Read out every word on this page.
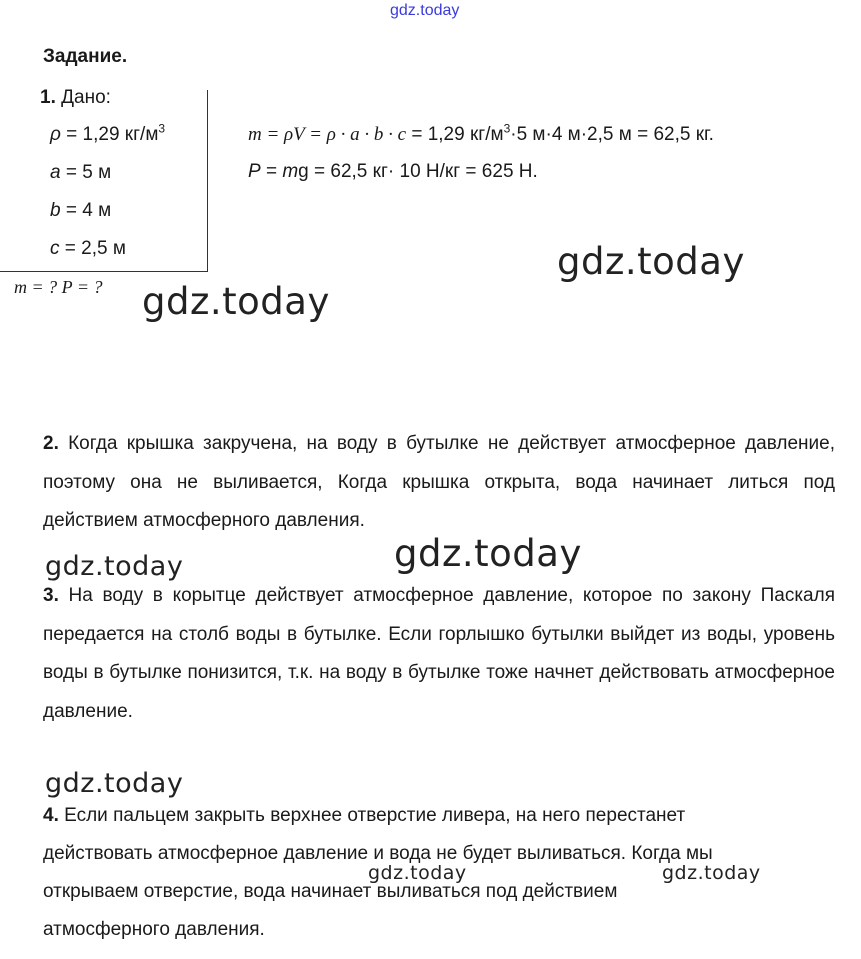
gdz.today
Задание.
1. Дано:
ρ = 1,29 $кг/м^3$
a = 5 м
b = 4 м
c = 2,5 м
m = ? P = ?
m = ρV = ρ · a · b · c = 1,29 $кг/м^3\cdot 5$ м·4 м·2,5 м = 62,5 кг.
P = mg = 62,5 кг· 10 Н/кг = 625 Н.
gdz.today
gdz.today
2. Когда крышка закручена, на воду в бутылке не действует атмосферное давление, поэтому она не выливается, Когда крышка открыта, вода начинает литься под действием атмосферного давления.
gdz.today
gdz.today
3. На воду в корытце действует атмосферное давление, которое по закону Паскаля передается на столб воды в бутылке. Если горлышко бутылки выйдет из воды, уровень воды в бутылке понизится, т.к. на воду в бутылке тоже начнет действовать атмосферное давление.
gdz.today
4. Если пальцем закрыть верхнее отверстие ливера, на него перестанет
действовать атмосферное давление и вода не будет выливаться. Когда мы
открываем отверстие, вода начинает выливаться под действием
атмосферного давления.
gdz.today	gdz.today
